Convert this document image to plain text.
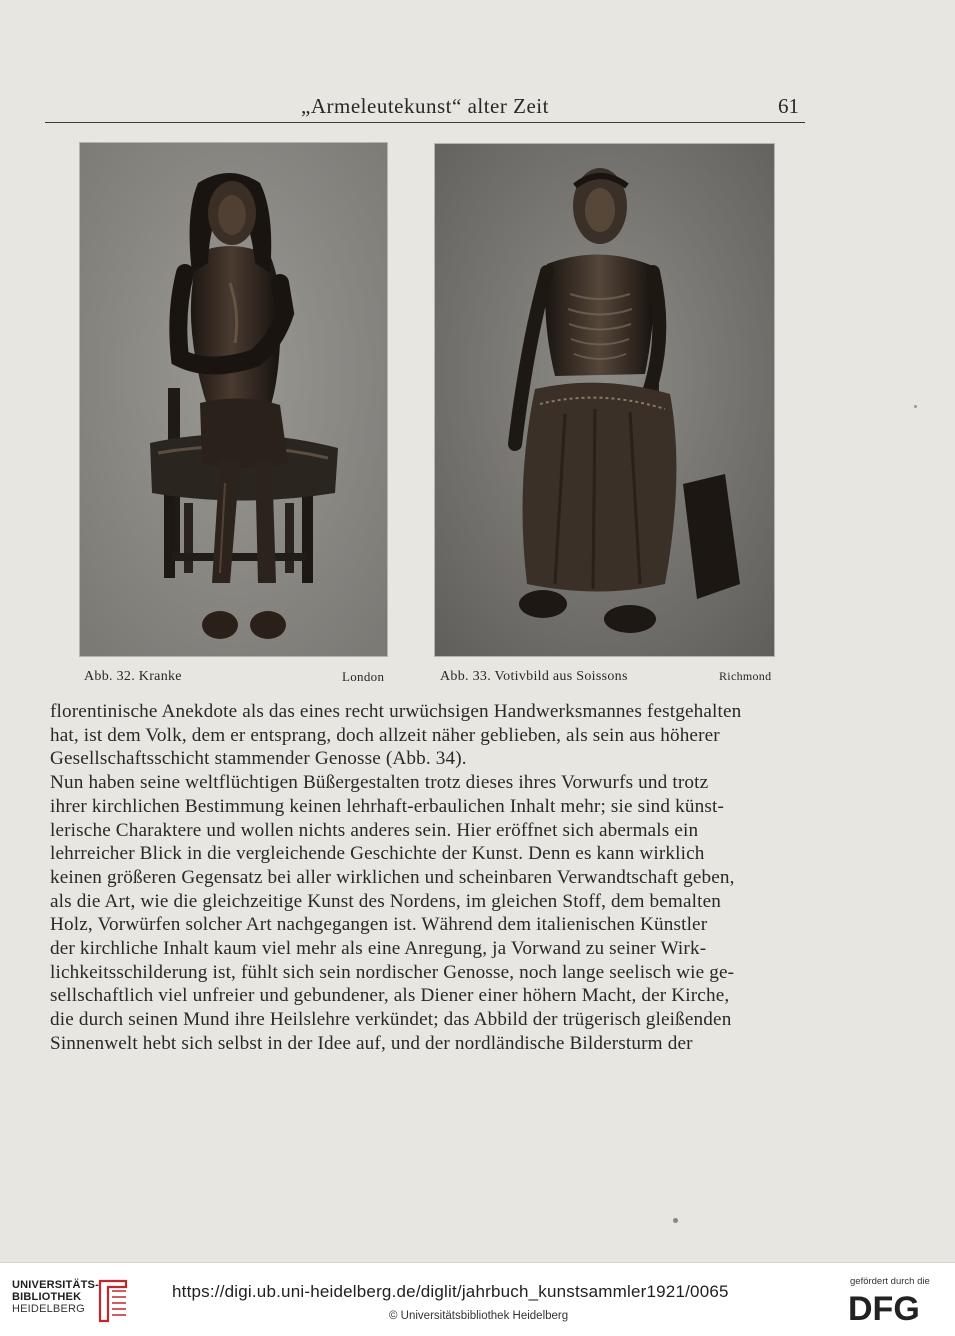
„Armeleutekunst“ alter Zeit	61
Abb. 32. Kranke	London	Abb. 33. Votivbild aus Soissons	Richmond
florentinische Anekdote als das eines recht urwüchsigen Handwerksmannes festgehalten
hat, ist dem Volk, dem er entsprang, doch allzeit näher geblieben, als sein aus höherer
Gesellschaftsschicht stammender Genosse (Abb. 34).
Nun haben seine weltflüchtigen Büßergestalten trotz dieses ihres Vorwurfs und trotz
ihrer kirchlichen Bestimmung keinen lehrhaft-erbaulichen Inhalt mehr; sie sind künst-
lerische Charaktere und wollen nichts anderes sein. Hier eröffnet sich abermals ein
lehrreicher Blick in die vergleichende Geschichte der Kunst. Denn es kann wirklich
keinen größeren Gegensatz bei aller wirklichen und scheinbaren Verwandtschaft geben,
als die Art, wie die gleichzeitige Kunst des Nordens, im gleichen Stoff, dem bemalten
Holz, Vorwürfen solcher Art nachgegangen ist. Während dem italienischen Künstler
der kirchliche Inhalt kaum viel mehr als eine Anregung, ja Vorwand zu seiner Wirk-
lichkeitsschilderung ist, fühlt sich sein nordischer Genosse, noch lange seelisch wie ge-
sellschaftlich viel unfreier und gebundener, als Diener einer höhern Macht, der Kirche,
die durch seinen Mund ihre Heilslehre verkündet; das Abbild der trügerisch gleißenden
Sinnenwelt hebt sich selbst in der Idee auf, und der nordländische Bildersturm der
UNIVERSITÄTS-
BIBLIOTHEK
HEIDELBERG
https://digi.ub.uni-heidelberg.de/diglit/jahrbuch_kunstsammler1921/0065
© Universitätsbibliothek Heidelberg
gefördert durch die
DFG
